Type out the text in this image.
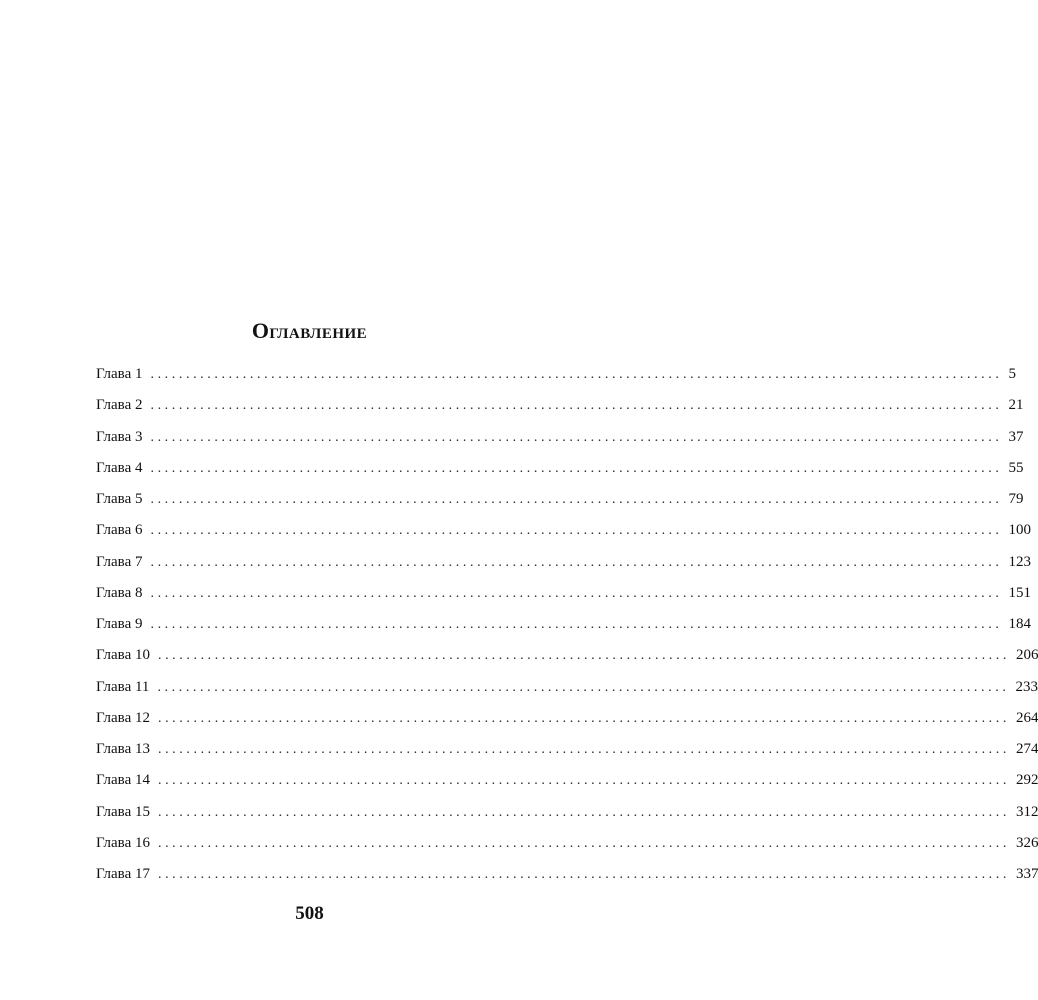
Оглавление
Глава 1 ........................................................................................................................ 5
Глава 2 ........................................................................................................................ 21
Глава 3 ........................................................................................................................ 37
Глава 4 ........................................................................................................................ 55
Глава 5 ........................................................................................................................ 79
Глава 6 ........................................................................................................................ 100
Глава 7 ........................................................................................................................ 123
Глава 8 ........................................................................................................................ 151
Глава 9 ........................................................................................................................ 184
Глава 10 ........................................................................................................................ 206
Глава 11 ........................................................................................................................ 233
Глава 12 ........................................................................................................................ 264
Глава 13 ........................................................................................................................ 274
Глава 14 ........................................................................................................................ 292
Глава 15 ........................................................................................................................ 312
Глава 16 ........................................................................................................................ 326
Глава 17 ........................................................................................................................ 337
508
